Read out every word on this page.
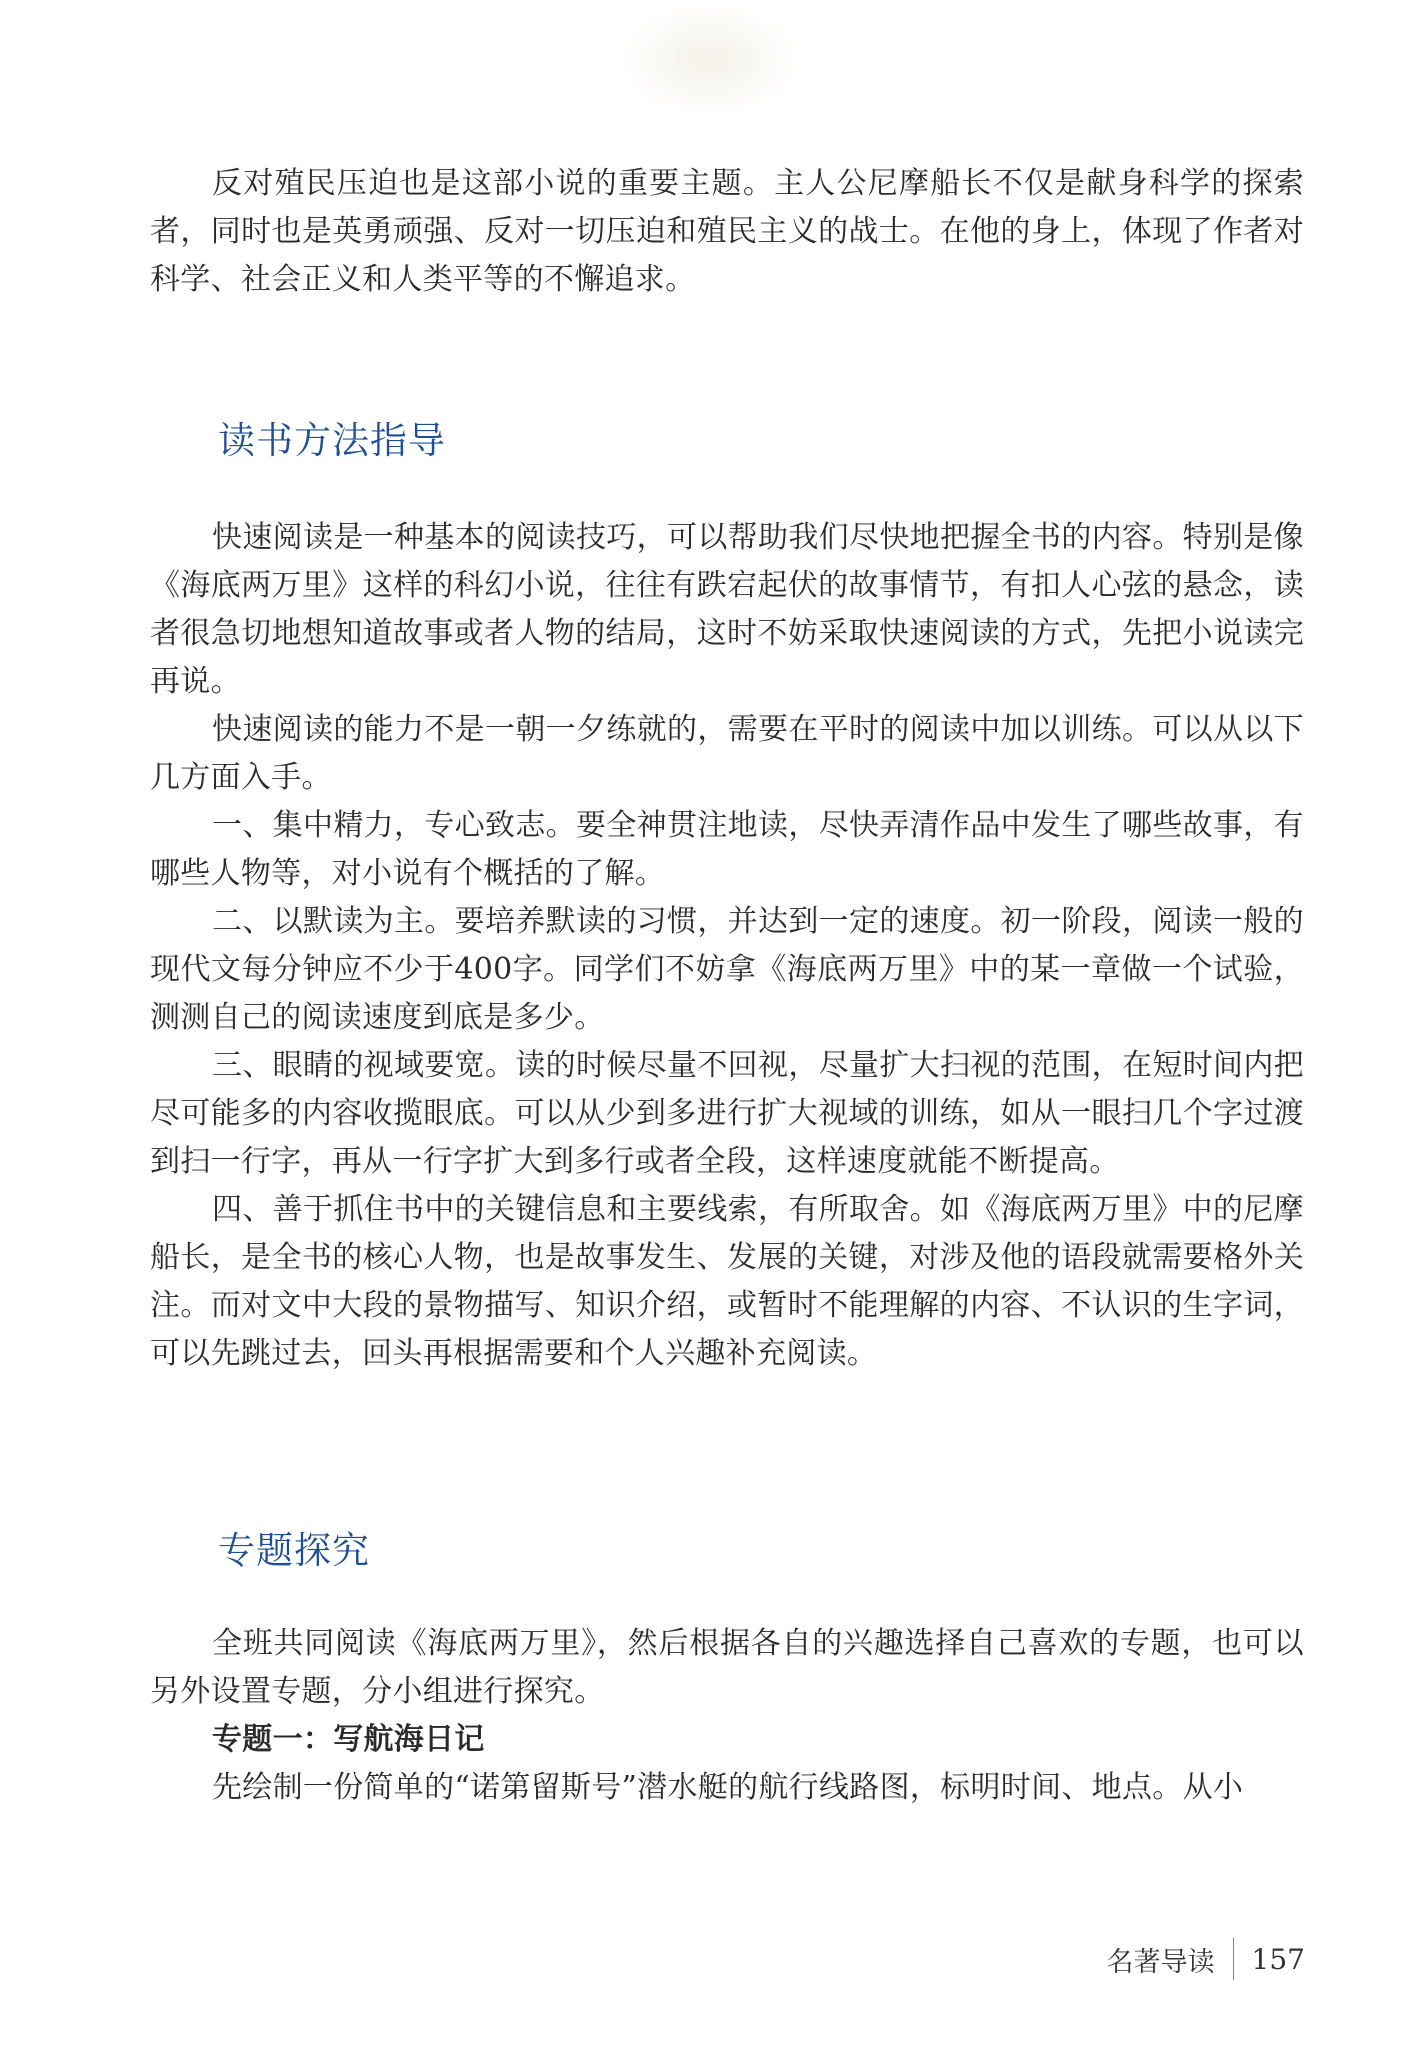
反对殖民压迫也是这部小说的重要主题。主人公尼摩船长不仅是献身科学的探索者，同时也是英勇顽强、反对一切压迫和殖民主义的战士。在他的身上，体现了作者对科学、社会正义和人类平等的不懈追求。
读书方法指导
快速阅读是一种基本的阅读技巧，可以帮助我们尽快地把握全书的内容。特别是像《海底两万里》这样的科幻小说，往往有跌宕起伏的故事情节，有扣人心弦的悬念，读者很急切地想知道故事或者人物的结局，这时不妨采取快速阅读的方式，先把小说读完再说。
快速阅读的能力不是一朝一夕练就的，需要在平时的阅读中加以训练。可以从以下几方面入手。
一、集中精力，专心致志。要全神贯注地读，尽快弄清作品中发生了哪些故事，有哪些人物等，对小说有个概括的了解。
二、以默读为主。要培养默读的习惯，并达到一定的速度。初一阶段，阅读一般的现代文每分钟应不少于400字。同学们不妨拿《海底两万里》中的某一章做一个试验，测测自己的阅读速度到底是多少。
三、眼睛的视域要宽。读的时候尽量不回视，尽量扩大扫视的范围，在短时间内把尽可能多的内容收揽眼底。可以从少到多进行扩大视域的训练，如从一眼扫几个字过渡到扫一行字，再从一行字扩大到多行或者全段，这样速度就能不断提高。
四、善于抓住书中的关键信息和主要线索，有所取舍。如《海底两万里》中的尼摩船长，是全书的核心人物，也是故事发生、发展的关键，对涉及他的语段就需要格外关注。而对文中大段的景物描写、知识介绍，或暂时不能理解的内容、不认识的生字词，可以先跳过去，回头再根据需要和个人兴趣补充阅读。
专题探究
全班共同阅读《海底两万里》，然后根据各自的兴趣选择自己喜欢的专题，也可以另外设置专题，分小组进行探究。
专题一：写航海日记
先绘制一份简单的“诺第留斯号”潜水艇的航行线路图，标明时间、地点。从小
名著导读 157
